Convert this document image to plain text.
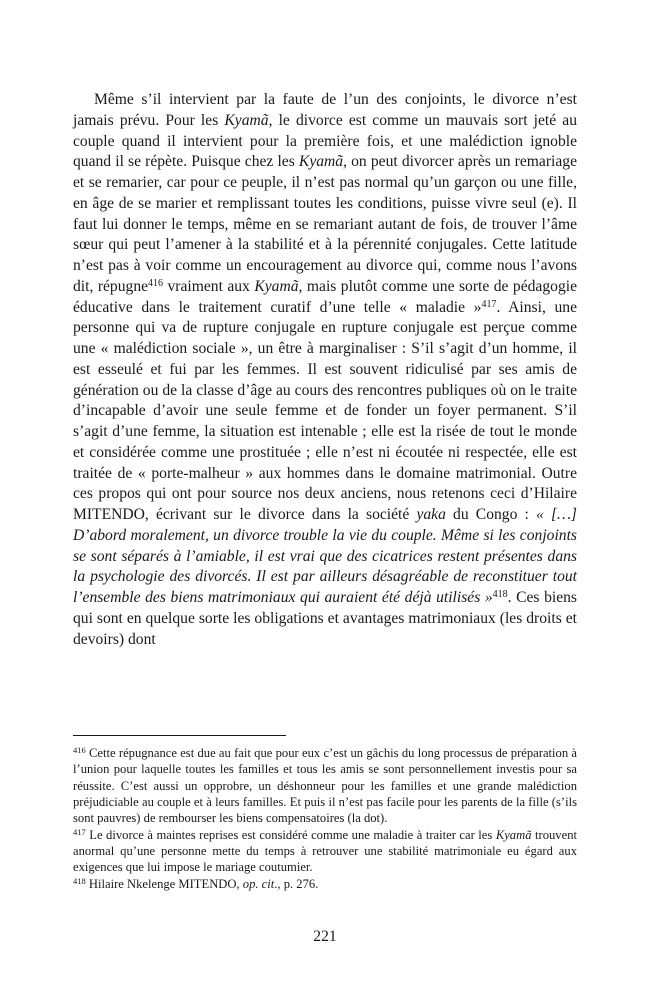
Même s’il intervient par la faute de l’un des conjoints, le divorce n’est jamais prévu. Pour les Kyamã, le divorce est comme un mauvais sort jeté au couple quand il intervient pour la première fois, et une malédiction ignoble quand il se répète. Puisque chez les Kyamã, on peut divorcer après un remariage et se remarier, car pour ce peuple, il n’est pas normal qu’un garçon ou une fille, en âge de se marier et remplissant toutes les conditions, puisse vivre seul (e). Il faut lui donner le temps, même en se remariant autant de fois, de trouver l’âme sœur qui peut l’amener à la stabilité et à la pérennité conjugales. Cette latitude n’est pas à voir comme un encouragement au divorce qui, comme nous l’avons dit, répugne$^{416}$ vraiment aux Kyamã, mais plutôt comme une sorte de pédagogie éducative dans le traitement curatif d’une telle « maladie »$^{417}$. Ainsi, une personne qui va de rupture conjugale en rupture conjugale est perçue comme une « malédiction sociale », un être à marginaliser : S’il s’agit d’un homme, il est esseulé et fui par les femmes. Il est souvent ridiculisé par ses amis de génération ou de la classe d’âge au cours des rencontres publiques où on le traite d’incapable d’avoir une seule femme et de fonder un foyer permanent. S’il s’agit d’une femme, la situation est intenable ; elle est la risée de tout le monde et considérée comme une prostituée ; elle n’est ni écoutée ni respectée, elle est traitée de « porte-malheur » aux hommes dans le domaine matrimonial. Outre ces propos qui ont pour source nos deux anciens, nous retenons ceci d’Hilaire MITENDO, écrivant sur le divorce dans la société yaka du Congo : « […] D’abord moralement, un divorce trouble la vie du couple. Même si les conjoints se sont séparés à l’amiable, il est vrai que des cicatrices restent présentes dans la psychologie des divorcés. Il est par ailleurs désagréable de reconstituer tout l’ensemble des biens matrimoniaux qui auraient été déjà utilisés »$^{418}$. Ces biens qui sont en quelque sorte les obligations et avantages matrimoniaux (les droits et devoirs) dont

$^{416}$ Cette répugnance est due au fait que pour eux c’est un gâchis du long processus de préparation à l’union pour laquelle toutes les familles et tous les amis se sont personnellement investis pour sa réussite. C’est aussi un opprobre, un déshonneur pour les familles et une grande malédiction préjudiciable au couple et à leurs familles. Et puis il n’est pas facile pour les parents de la fille (s’ils sont pauvres) de rembourser les biens compensatoires (la dot).

$^{417}$ Le divorce à maintes reprises est considéré comme une maladie à traiter car les Kyamã trouvent anormal qu’une personne mette du temps à retrouver une stabilité matrimoniale eu égard aux exigences que lui impose le mariage coutumier.

$^{418}$ Hilaire Nkelenge MITENDO, op. cit., p. 276.

221
